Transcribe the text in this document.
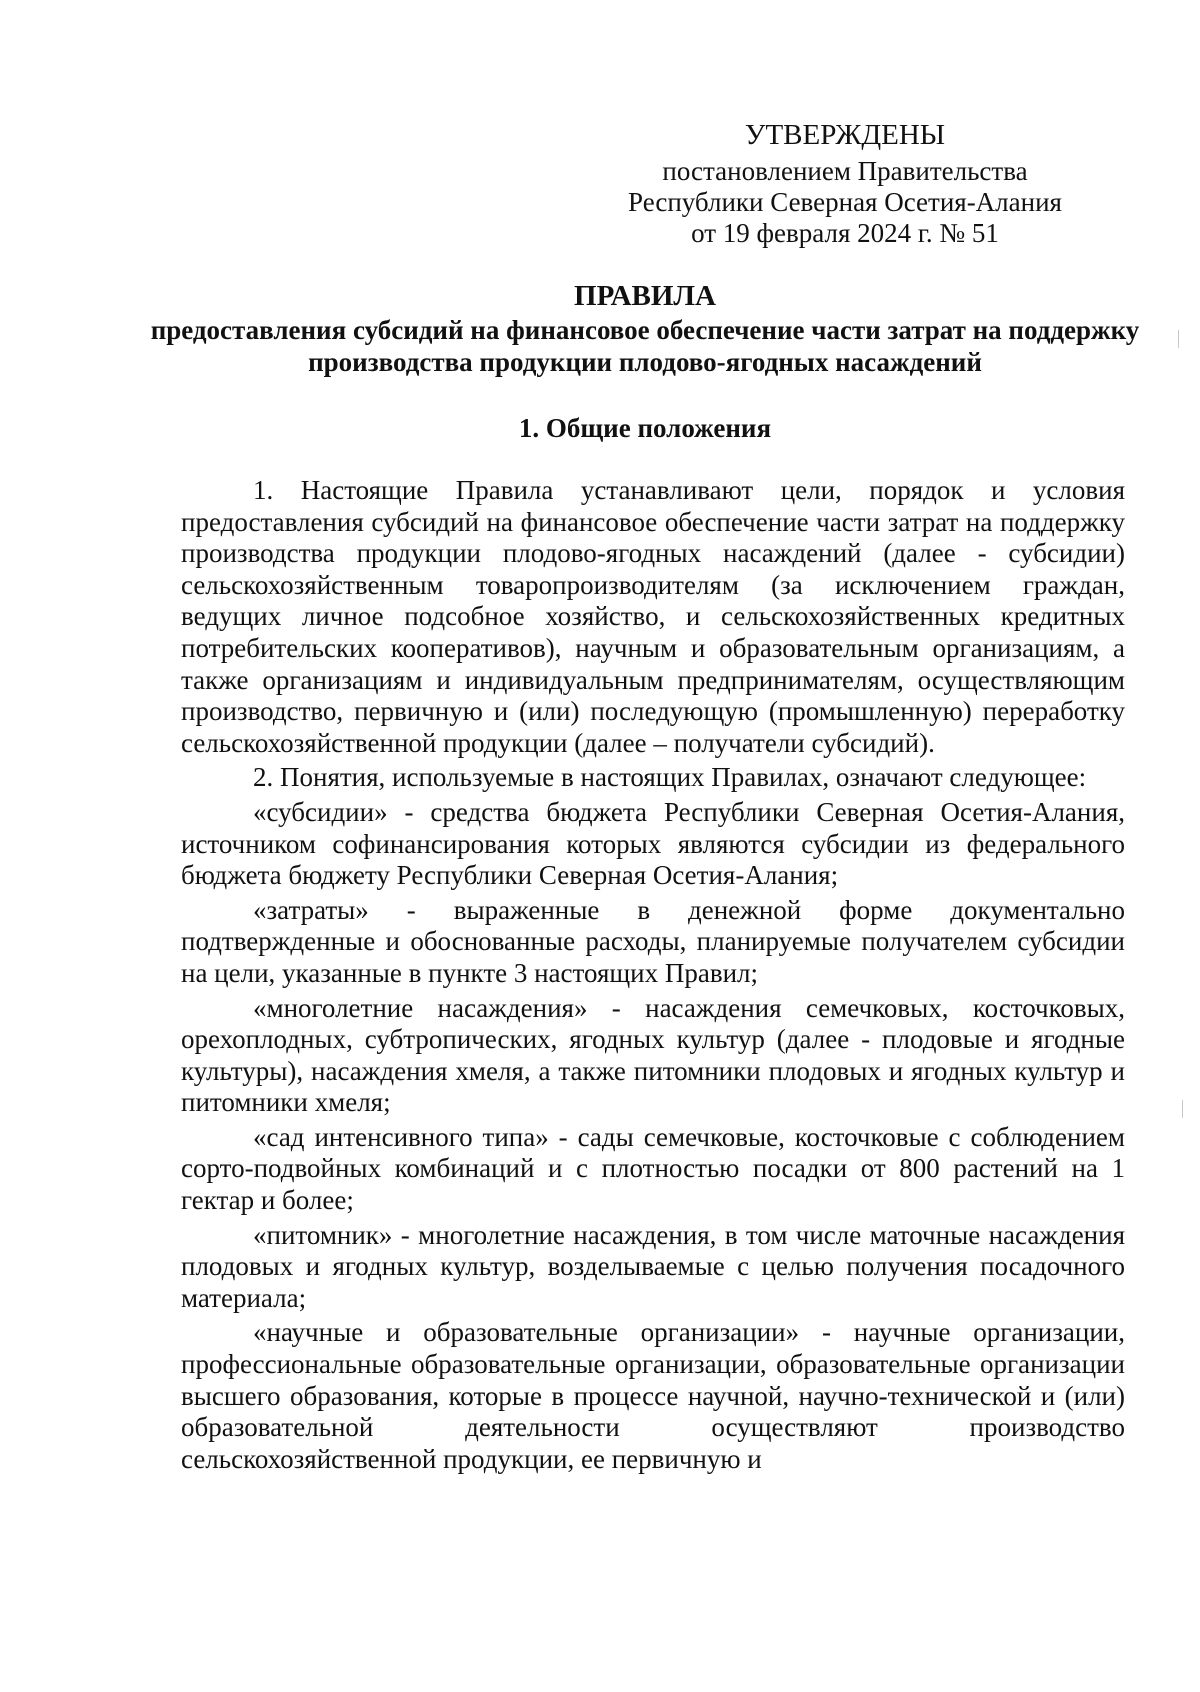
УТВЕРЖДЕНЫ
постановлением Правительства
Республики Северная Осетия-Алания
от 19 февраля 2024 г. № 51
ПРАВИЛА
предоставления субсидий на финансовое обеспечение части затрат на поддержку производства продукции плодово-ягодных насаждений
1. Общие положения

1. Настоящие Правила устанавливают цели, порядок и условия предоставления субсидий на финансовое обеспечение части затрат на поддержку производства продукции плодово-ягодных насаждений (далее - субсидии) сельскохозяйственным товаропроизводителям (за исключением граждан, ведущих личное подсобное хозяйство, и сельскохозяйственных кредитных потребительских кооперативов), научным и образовательным организациям, а также организациям и индивидуальным предпринимателям, осуществляющим производство, первичную и (или) последующую (промышленную) переработку сельскохозяйственной продукции (далее – получатели субсидий).

2. Понятия, используемые в настоящих Правилах, означают следующее:

«субсидии» - средства бюджета Республики Северная Осетия-Алания, источником софинансирования которых являются субсидии из федерального бюджета бюджету Республики Северная Осетия-Алания;

«затраты» - выраженные в денежной форме документально подтвержденные и обоснованные расходы, планируемые получателем субсидии на цели, указанные в пункте 3 настоящих Правил;

«многолетние насаждения» - насаждения семечковых, косточковых, орехоплодных, субтропических, ягодных культур (далее - плодовые и ягодные культуры), насаждения хмеля, а также питомники плодовых и ягодных культур и питомники хмеля;

«сад интенсивного типа» - сады семечковые, косточковые с соблюдением сорто-подвойных комбинаций и с плотностью посадки от 800 растений на 1 гектар и более;

«питомник» - многолетние насаждения, в том числе маточные насаждения плодовых и ягодных культур, возделываемые с целью получения посадочного материала;

«научные и образовательные организации» - научные организации, профессиональные образовательные организации, образовательные организации высшего образования, которые в процессе научной, научно-технической и (или) образовательной деятельности осуществляют производство сельскохозяйственной продукции, ее первичную и
